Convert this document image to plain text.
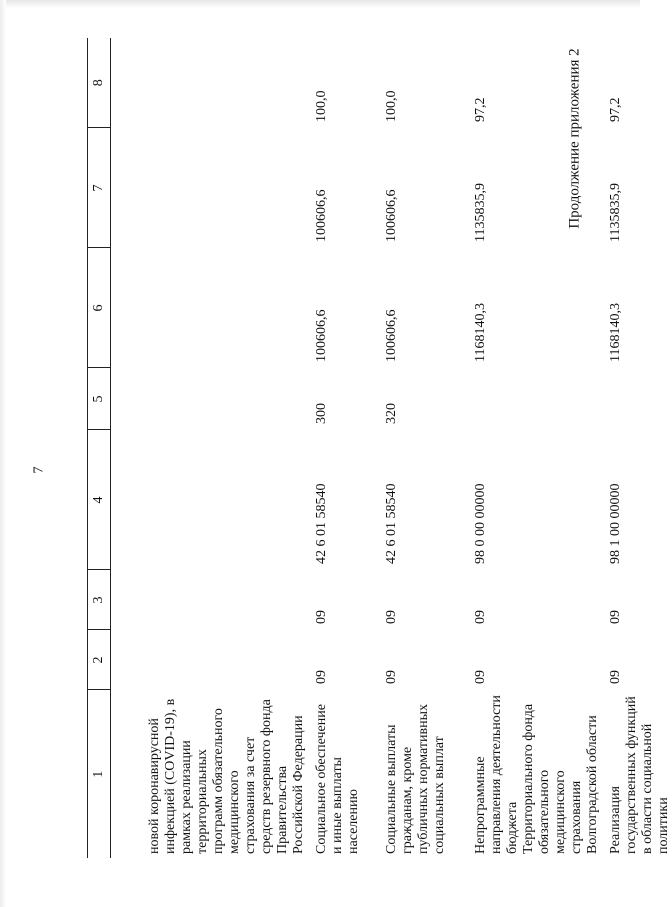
7
Продолжение приложения 2
1	2	3	4	5	6	7	8
новой коронавирусной инфекцией (COVID-19), в рамках реализации территориальных программ обязательного медицинского страхования за счет средств резервного фонда Правительства Российской Федерации							
Социальное обеспечение и иные выплаты населению	09	09	42 6 01 58540	300	100606,6	100606,6	100,0
Социальные выплаты гражданам, кроме публичных нормативных социальных выплат	09	09	42 6 01 58540	320	100606,6	100606,6	100,0
Непрограммные направления деятельности бюджета Территориального фонда обязательного медицинского страхования Волгоградской области	09	09	98 0 00 00000		1168140,3	1135835,9	97,2
Реализация государственных функций в области социальной политики	09	09	98 1 00 00000		1168140,3	1135835,9	97,2
